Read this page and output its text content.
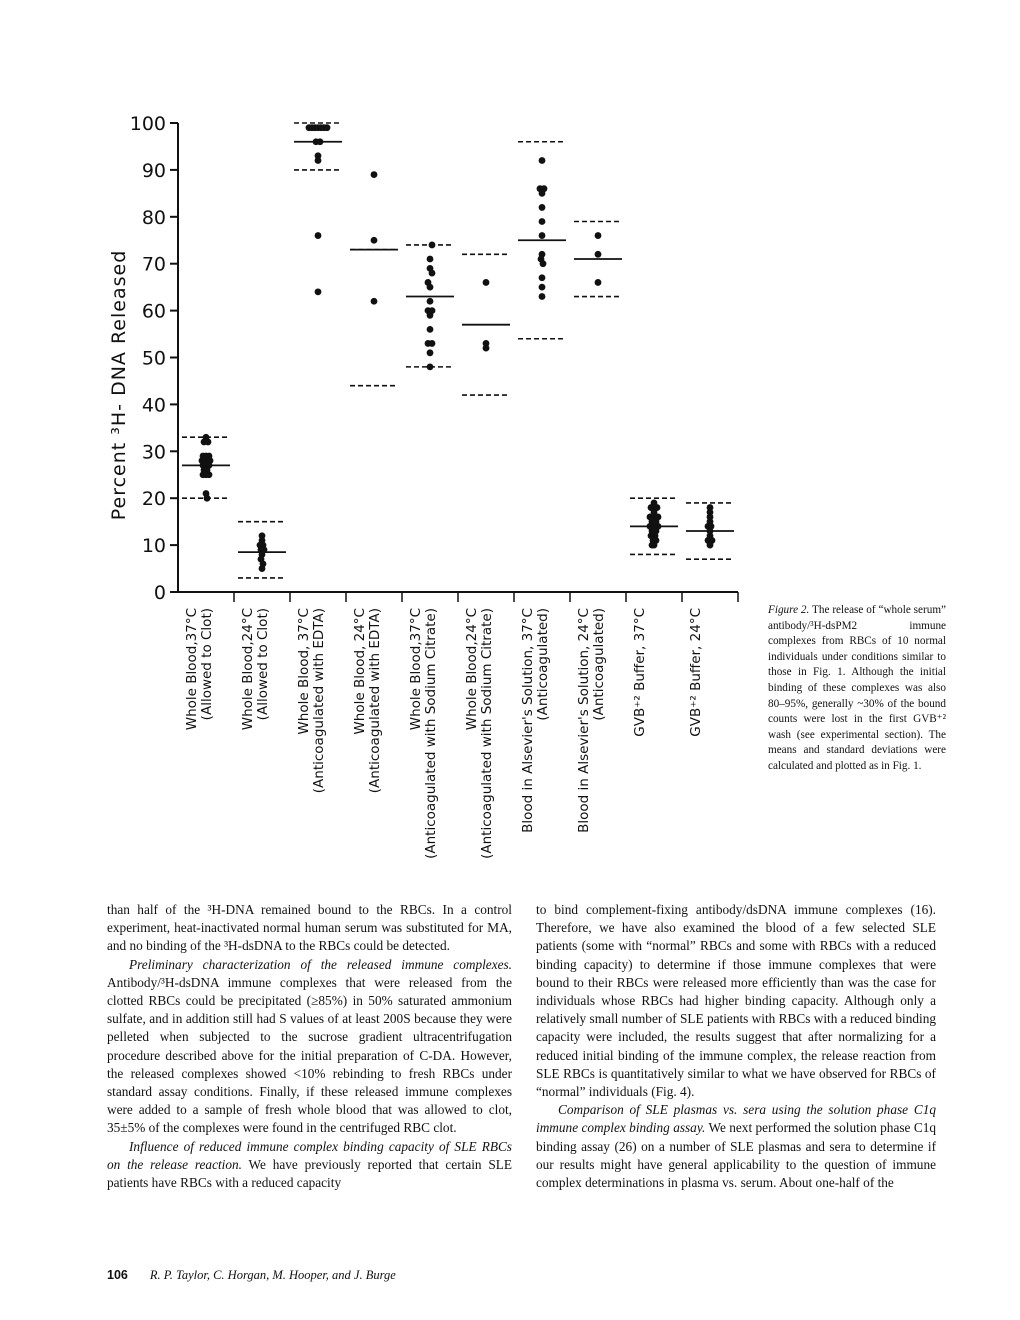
0
10
20
30
40
50
60
70
80
90
100
Whole Blood,37°C (Allowed to Clot) Whole Blood,24°C (Allowed to Clot) Whole Blood, 37°C (Anticoagulated with EDTA) Whole Blood, 24°C (Anticoagulated with EDTA) Whole Blood,37°C (Anticoagulated with Sodium Citrate) Whole Blood,24°C (Anticoagulated with Sodium Citrate) Blood in Alsevier's Solution, 37°C (Anticoagulated) Blood in Alsevier's Solution, 24°C (Anticoagulated) GVB⁺² Buffer, 37°C	GVB⁺² Buffer, 24°C
Percent ³H- DNA Released
Figure 2. The release of “whole serum” antibody/³H-dsPM2 immune complexes from RBCs of 10 normal individuals under conditions similar to those in Fig. 1. Although the initial binding of these complexes was also 80–95%, generally ~30% of the bound counts were lost in the first GVB⁺² wash (see experimental section). The means and standard deviations were calculated and plotted as in Fig. 1.

than half of the ³H-DNA remained bound to the RBCs. In a control experiment, heat-inactivated normal human serum was substituted for MA, and no binding of the ³H-dsDNA to the RBCs could be detected.

Preliminary characterization of the released immune complexes. Antibody/³H-dsDNA immune complexes that were released from the clotted RBCs could be precipitated (≥85%) in 50% saturated ammonium sulfate, and in addition still had S values of at least 200S because they were pelleted when subjected to the sucrose gradient ultracentrifugation procedure described above for the initial preparation of C-DA. However, the released complexes showed <10% rebinding to fresh RBCs under standard assay conditions. Finally, if these released immune complexes were added to a sample of fresh whole blood that was allowed to clot, 35±5% of the complexes were found in the centrifuged RBC clot.

Influence of reduced immune complex binding capacity of SLE RBCs on the release reaction. We have previously reported that certain SLE patients have RBCs with a reduced capacity

to bind complement-fixing antibody/dsDNA immune complexes (16). Therefore, we have also examined the blood of a few selected SLE patients (some with “normal” RBCs and some with RBCs with a reduced binding capacity) to determine if those immune complexes that were bound to their RBCs were released more efficiently than was the case for individuals whose RBCs had higher binding capacity. Although only a relatively small number of SLE patients with RBCs with a reduced binding capacity were included, the results suggest that after normalizing for a reduced initial binding of the immune complex, the release reaction from SLE RBCs is quantitatively similar to what we have observed for RBCs of “normal” individuals (Fig. 4).

Comparison of SLE plasmas vs. sera using the solution phase C1q immune complex binding assay. We next performed the solution phase C1q binding assay (26) on a number of SLE plasmas and sera to determine if our results might have general applicability to the question of immune complex determinations in plasma vs. serum. About one-half of the

106 R. P. Taylor, C. Horgan, M. Hooper, and J. Burge
